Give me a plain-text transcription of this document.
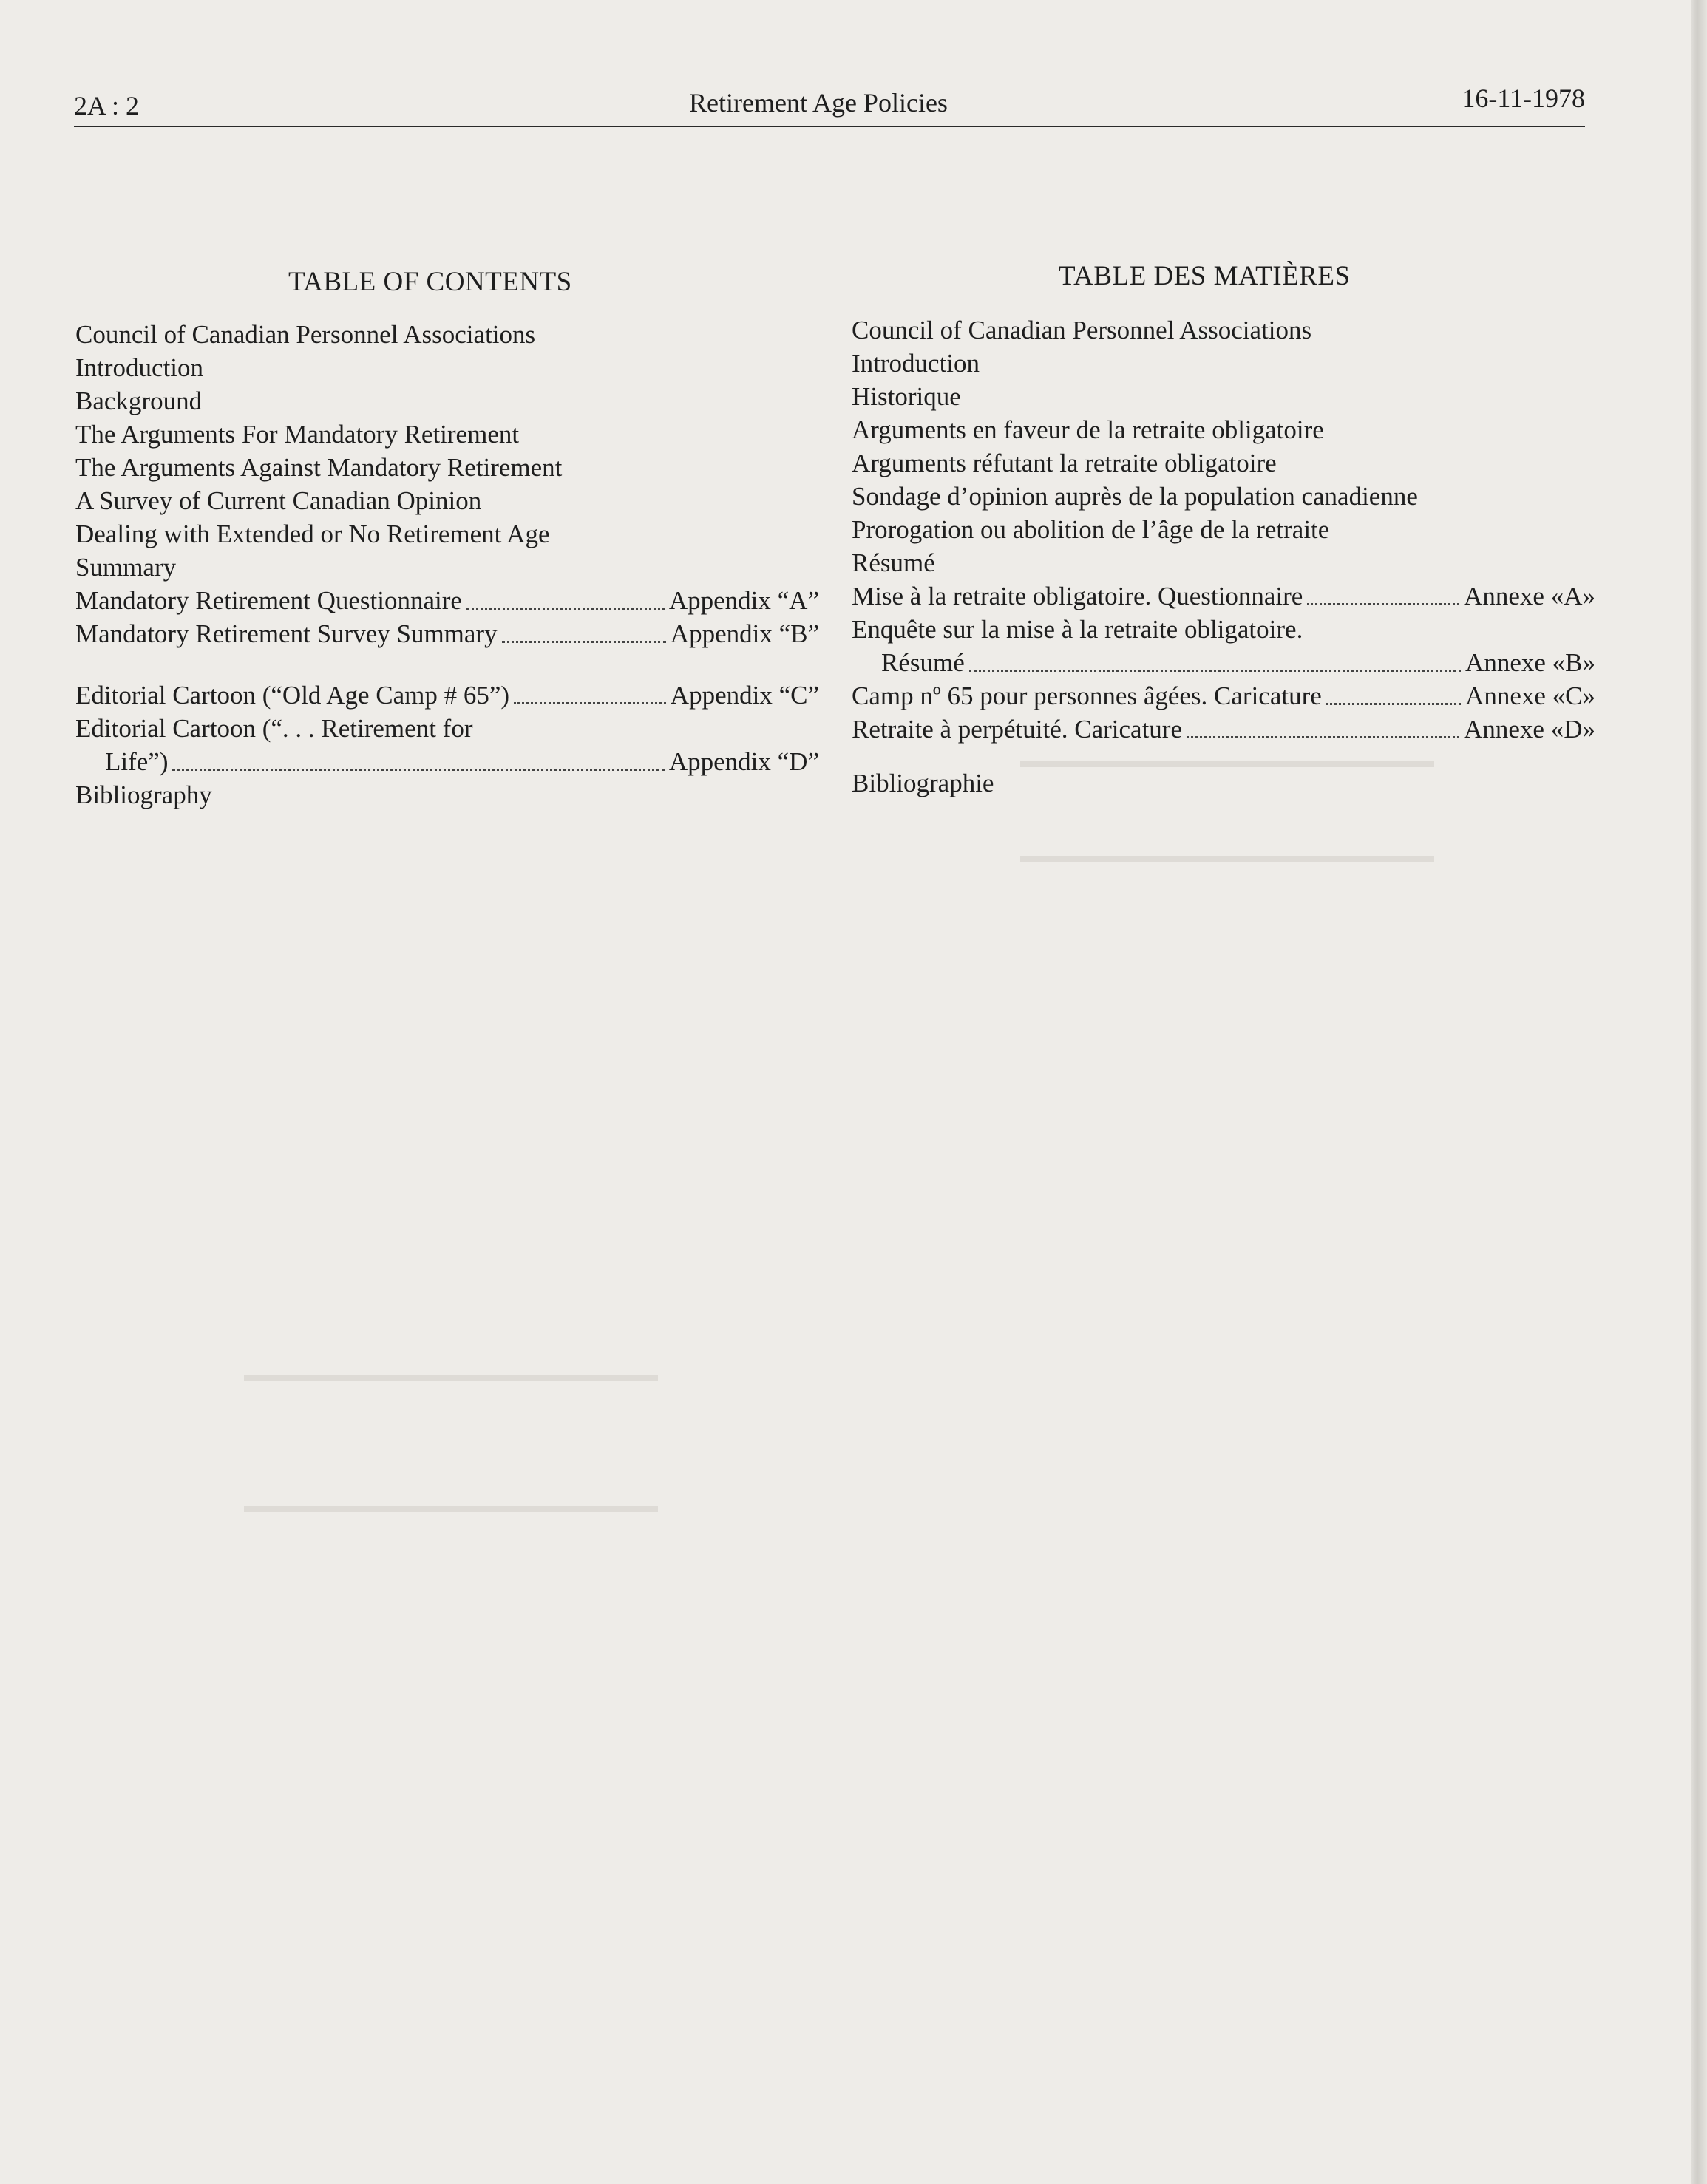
2A : 2	Retirement Age Policies	16-11-1978
TABLE OF CONTENTS	TABLE DES MATIÈRES
Council of Canadian Personnel Associations
Introduction
Background
The Arguments For Mandatory Retirement
The Arguments Against Mandatory Retirement
A Survey of Current Canadian Opinion
Dealing with Extended or No Retirement Age
Summary
Mandatory Retirement Questionnaire	Appendix “A”
Mandatory Retirement Survey Summary	Appendix “B”
Editorial Cartoon (“Old Age Camp # 65”)	Appendix “C”
Editorial Cartoon (“. . . Retirement for
Life”)	Appendix “D”
Bibliography
Council of Canadian Personnel Associations
Introduction
Historique
Arguments en faveur de la retraite obligatoire
Arguments réfutant la retraite obligatoire
Sondage d’opinion auprès de la population canadienne
Prorogation ou abolition de l’âge de la retraite
Résumé
Mise à la retraite obligatoire. Questionnaire	Annexe «A»
Enquête sur la mise à la retraite obligatoire.
Résumé	Annexe «B»
Camp nº 65 pour personnes âgées. Caricature	Annexe «C»
Retraite à perpétuité. Caricature	Annexe «D»
Bibliographie
